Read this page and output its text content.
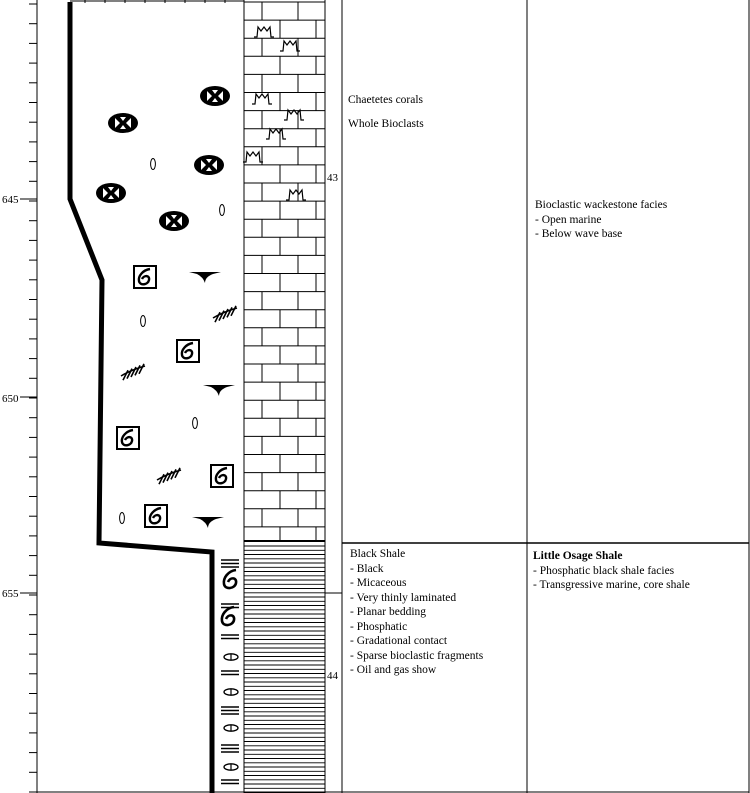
645
650
655
43
44
Chaetetes corals
Whole Bioclasts
Bioclastic wackestone facies
- Open marine
- Below wave base
Black Shale
- Black
- Micaceous
- Very thinly laminated
- Planar bedding
- Phosphatic
- Gradational contact
- Sparse bioclastic fragments
- Oil and gas show
Little Osage Shale
- Phosphatic black shale facies
- Transgressive marine, core shale
